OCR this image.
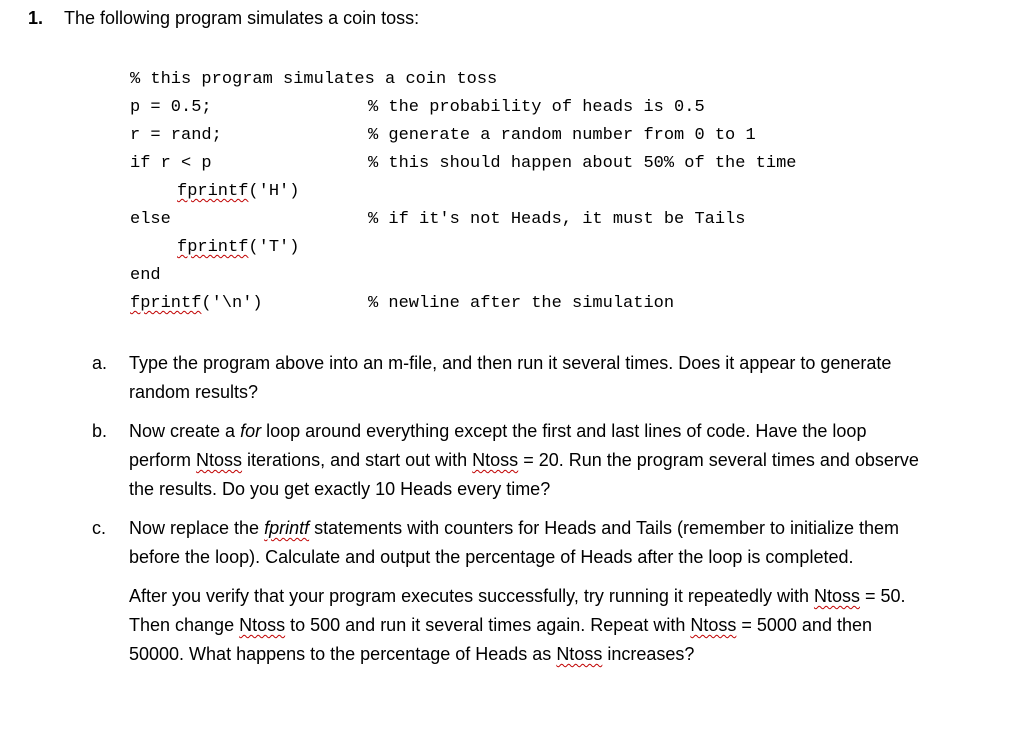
1. The following program simulates a coin toss:
% this program simulates a coin toss
p = 0.5;	% the probability of heads is 0.5
r = rand;	% generate a random number from 0 to 1
if r < p	% this should happen about 50% of the time
fprintf('H')
else	% if it's not Heads, it must be Tails
fprintf('T')
end
fprintf('\n')	% newline after the simulation
a. Type the program above into an m-file, and then run it several times. Does it appear to generate random results?

b. Now create a for loop around everything except the first and last lines of code. Have the loop perform Ntoss iterations, and start out with Ntoss = 20. Run the program several times and observe the results. Do you get exactly 10 Heads every time?

c. Now replace the fprintf statements with counters for Heads and Tails (remember to initialize them before the loop). Calculate and output the percentage of Heads after the loop is completed.

After you verify that your program executes successfully, try running it repeatedly with Ntoss = 50. Then change Ntoss to 500 and run it several times again. Repeat with Ntoss = 5000 and then 50000. What happens to the percentage of Heads as Ntoss increases?
